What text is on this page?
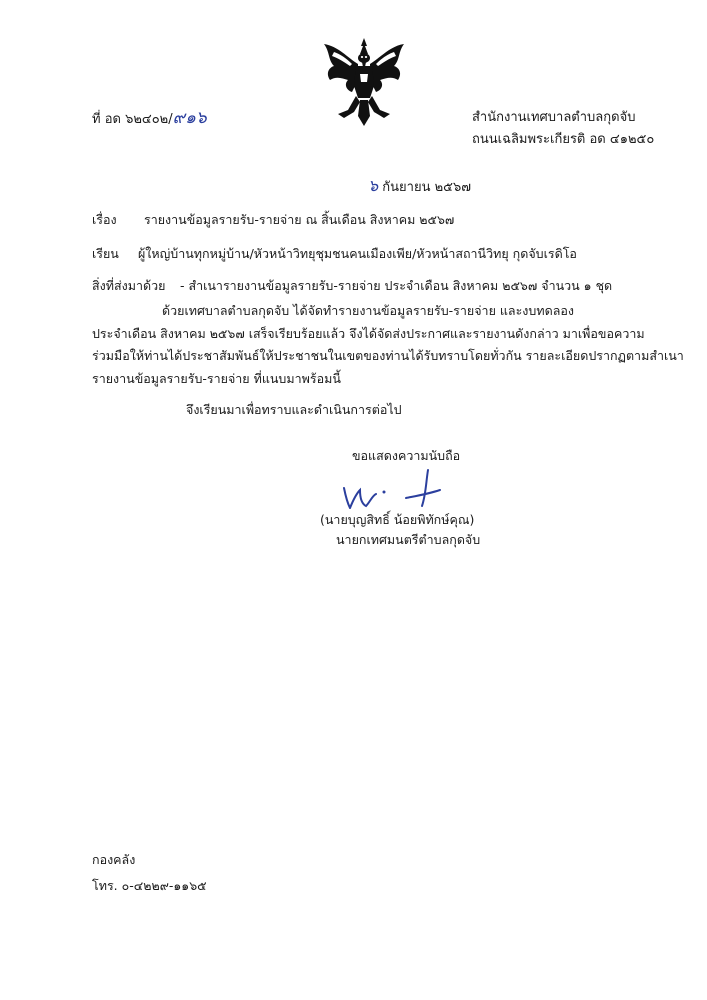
ที่ อด ๖๒๔๐๒/๙๑๖	สำนักงานเทศบาลตำบลกุดจับ
ถนนเฉลิมพระเกียรติ อด ๔๑๒๕๐
๖ กันยายน ๒๕๖๗
เรื่อง รายงานข้อมูลรายรับ-รายจ่าย ณ สิ้นเดือน สิงหาคม ๒๕๖๗
เรียน ผู้ใหญ่บ้านทุกหมู่บ้าน/หัวหน้าวิทยุชุมชนคนเมืองเพีย/หัวหน้าสถานีวิทยุ กุดจับเรดิโอ
สิ่งที่ส่งมาด้วย - สำเนารายงานข้อมูลรายรับ-รายจ่าย ประจำเดือน สิงหาคม ๒๕๖๗ จำนวน ๑ ชุด
ด้วยเทศบาลตำบลกุดจับ ได้จัดทำรายงานข้อมูลรายรับ-รายจ่าย และงบทดลอง
ประจำเดือน สิงหาคม ๒๕๖๗ เสร็จเรียบร้อยแล้ว จึงได้จัดส่งประกาศและรายงานดังกล่าว มาเพื่อขอความ
ร่วมมือให้ท่านได้ประชาสัมพันธ์ให้ประชาชนในเขตของท่านได้รับทราบโดยทั่วกัน รายละเอียดปรากฏตามสำเนา
รายงานข้อมูลรายรับ-รายจ่าย ที่แนบมาพร้อมนี้
จึงเรียนมาเพื่อทราบและดำเนินการต่อไป
ขอแสดงความนับถือ
(นายบุญสิทธิ์ น้อยพิทักษ์คุณ)
นายกเทศมนตรีตำบลกุดจับ
กองคลัง
โทร. ๐-๔๒๒๙-๑๑๖๕
